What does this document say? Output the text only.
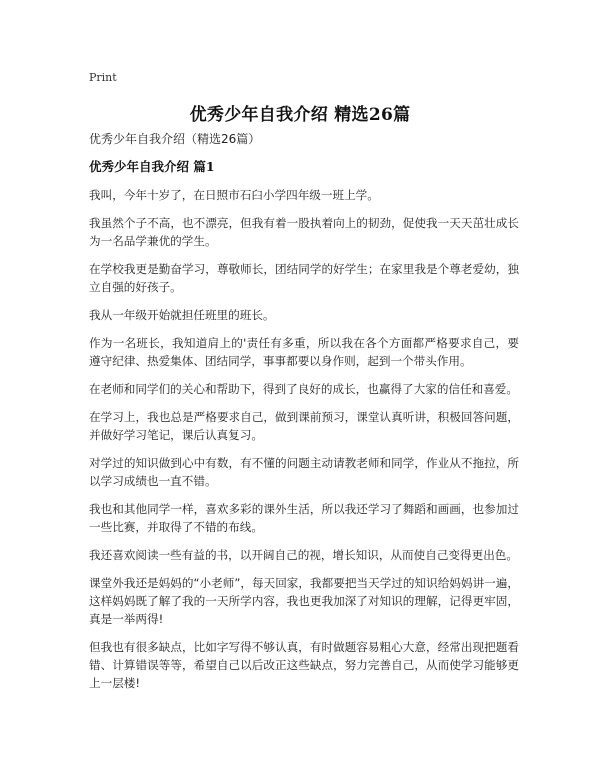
Print
优秀少年自我介绍 精选26篇

优秀少年自我介绍（精选26篇）

优秀少年自我介绍 篇1

我叫，今年十岁了，在日照市石臼小学四年级一班上学。

我虽然个子不高，也不漂亮，但我有着一股执着向上的韧劲，促使我一天天茁壮成长为一名品学兼优的学生。

在学校我更是勤奋学习，尊敬师长，团结同学的好学生；在家里我是个尊老爱幼，独立自强的好孩子。

我从一年级开始就担任班里的班长。

作为一名班长，我知道肩上的'责任有多重，所以我在各个方面都严格要求自己，要遵守纪律、热爱集体、团结同学，事事都要以身作则，起到一个带头作用。

在老师和同学们的关心和帮助下，得到了良好的成长，也赢得了大家的信任和喜爱。

在学习上，我也总是严格要求自己，做到课前预习，课堂认真听讲，积极回答问题，并做好学习笔记，课后认真复习。

对学过的知识做到心中有数，有不懂的问题主动请教老师和同学，作业从不拖拉，所以学习成绩也一直不错。

我也和其他同学一样，喜欢多彩的课外生活，所以我还学习了舞蹈和画画，也参加过一些比赛，并取得了不错的布线。

我还喜欢阅读一些有益的书，以开阔自己的视，增长知识，从而使自己变得更出色。

课堂外我还是妈妈的“小老师”，每天回家，我都要把当天学过的知识给妈妈讲一遍，这样妈妈既了解了我的一天所学内容，我也更我加深了对知识的理解，记得更牢固，真是一举两得!

但我也有很多缺点，比如字写得不够认真，有时做题容易粗心大意，经常出现把题看错、计算错误等等，希望自己以后改正这些缺点，努力完善自己，从而使学习能够更上一层楼!
